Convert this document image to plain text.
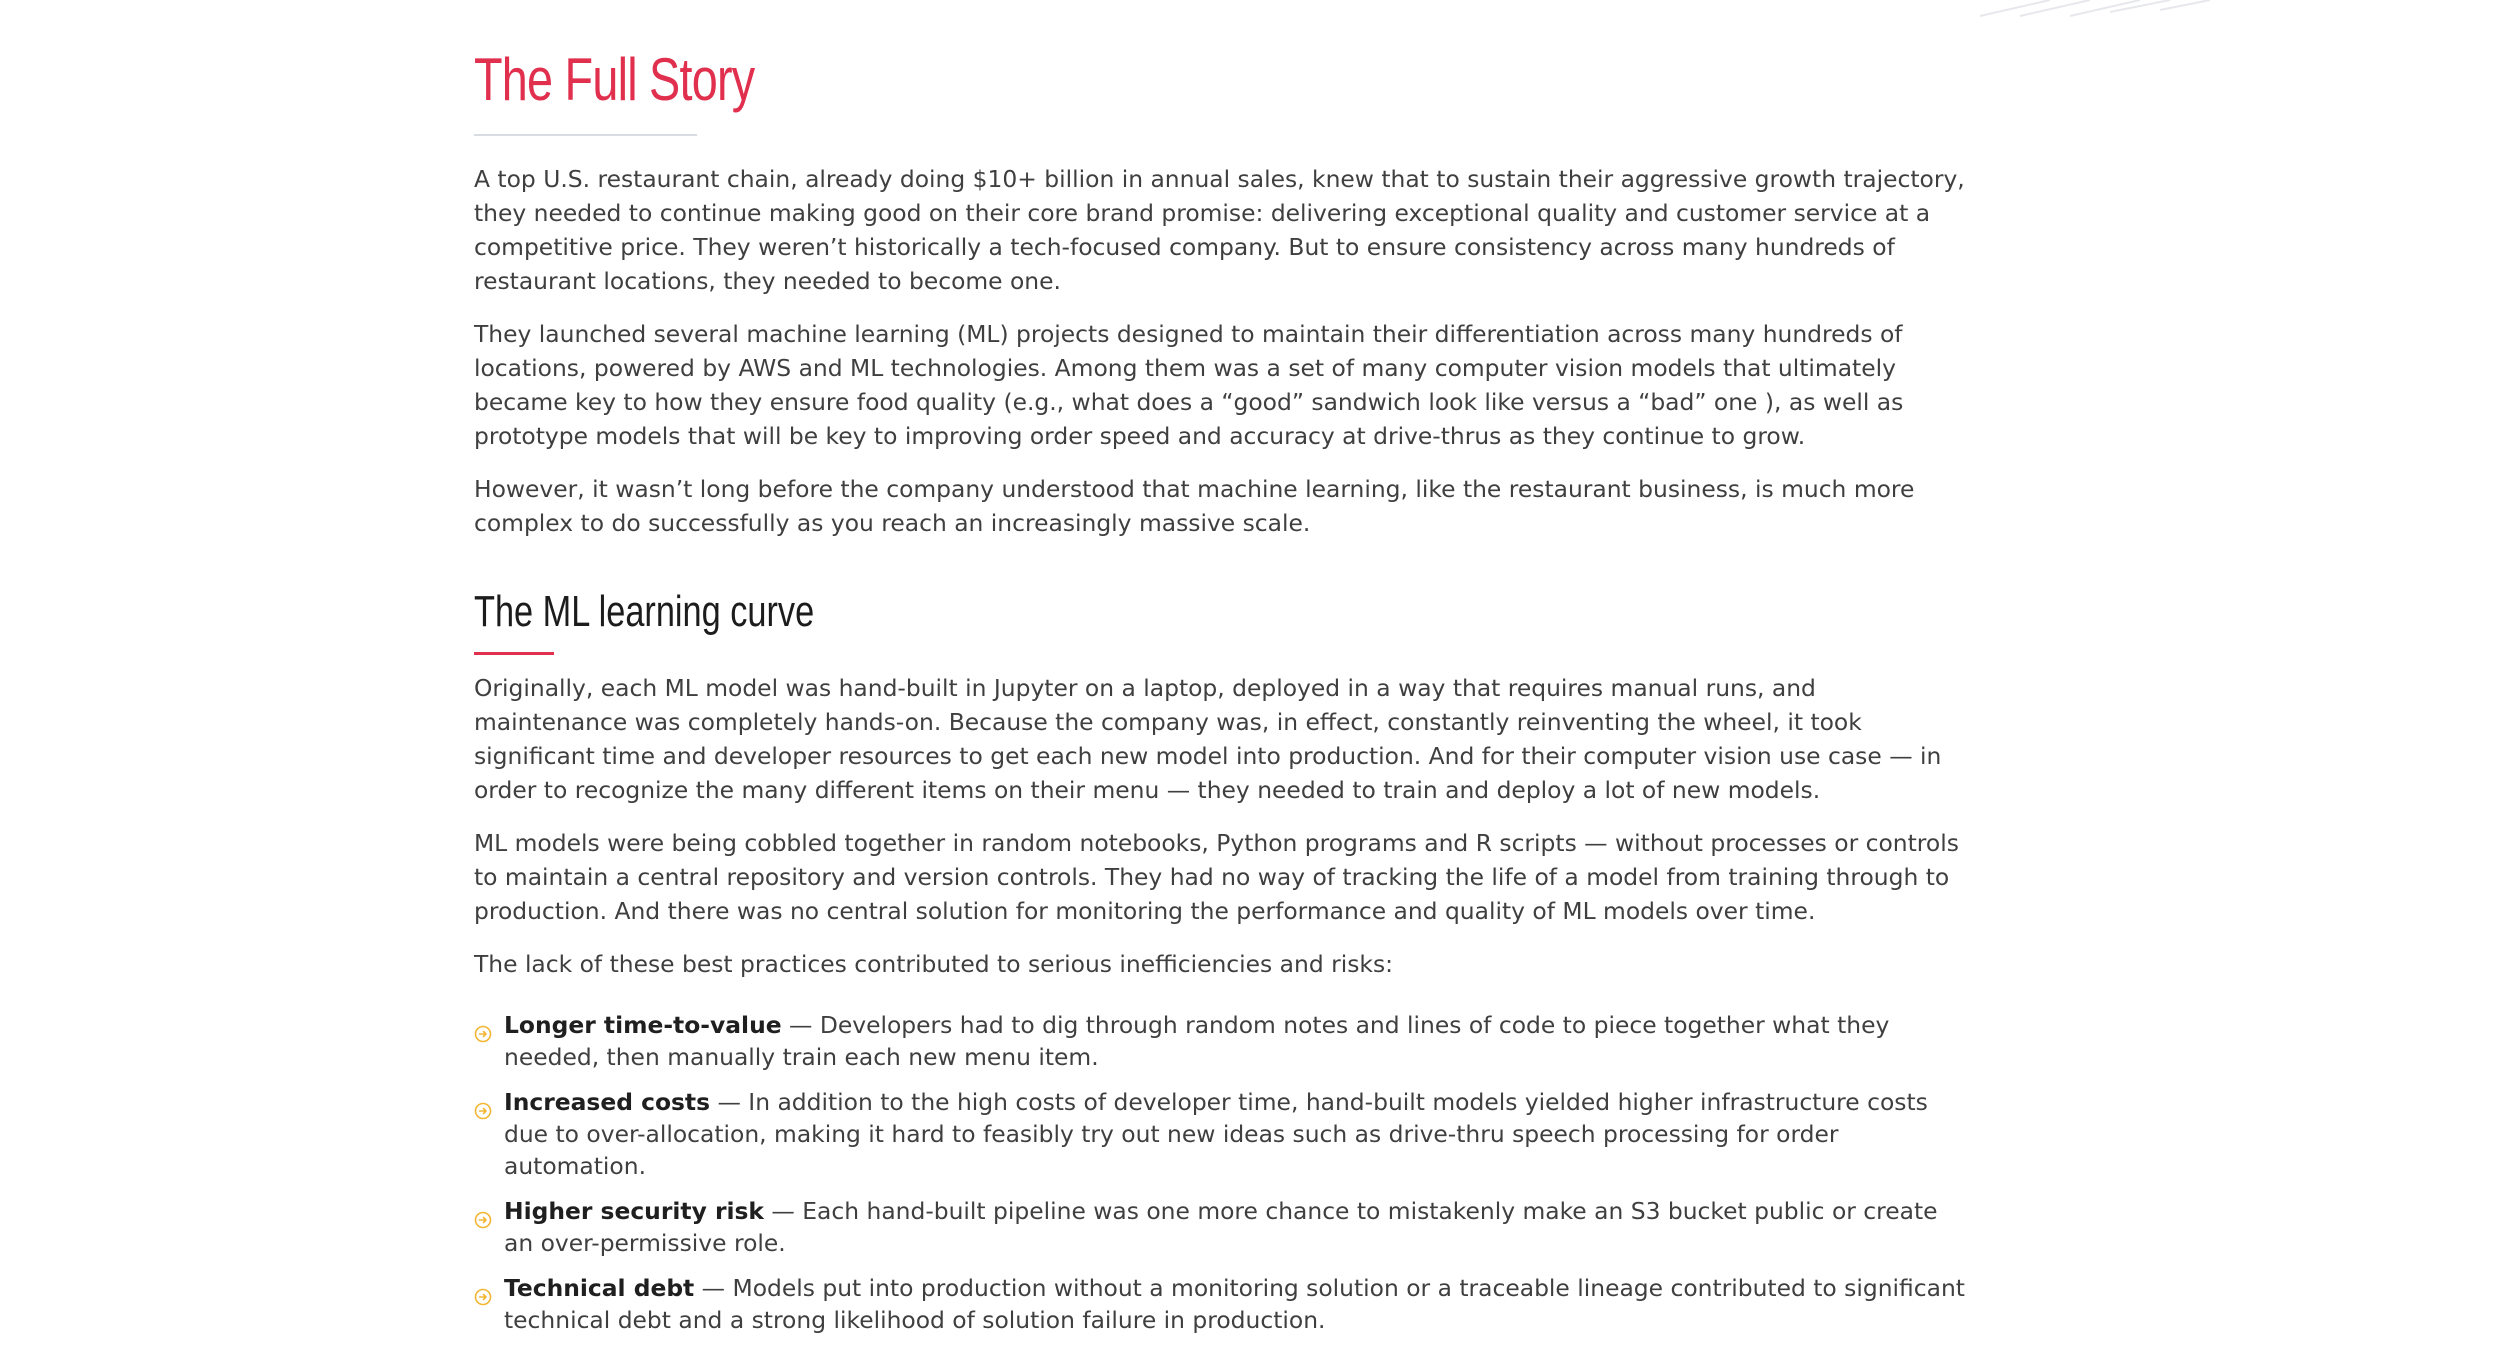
The Full Story

A top U.S. restaurant chain, already doing $10+ billion in annual sales, knew that to sustain their aggressive growth trajectory, they needed to continue making good on their core brand promise: delivering exceptional quality and customer service at a competitive price. They weren’t historically a tech-focused company. But to ensure consistency across many hundreds of restaurant locations, they needed to become one.

They launched several machine learning (ML) projects designed to maintain their differentiation across many hundreds of locations, powered by AWS and ML technologies. Among them was a set of many computer vision models that ultimately became key to how they ensure food quality (e.g., what does a “good” sandwich look like versus a “bad” one ), as well as prototype models that will be key to improving order speed and accuracy at drive-thrus as they continue to grow.

However, it wasn’t long before the company understood that machine learning, like the restaurant business, is much more complex to do successfully as you reach an increasingly massive scale.

The ML learning curve

Originally, each ML model was hand-built in Jupyter on a laptop, deployed in a way that requires manual runs, and maintenance was completely hands-on. Because the company was, in effect, constantly reinventing the wheel, it took significant time and developer resources to get each new model into production. And for their computer vision use case — in order to recognize the many different items on their menu — they needed to train and deploy a lot of new models.

ML models were being cobbled together in random notebooks, Python programs and R scripts — without processes or controls to maintain a central repository and version controls. They had no way of tracking the life of a model from training through to production. And there was no central solution for monitoring the performance and quality of ML models over time.

The lack of these best practices contributed to serious inefficiencies and risks:

Longer time-to-value — Developers had to dig through random notes and lines of code to piece together what they needed, then manually train each new menu item.
Increased costs — In addition to the high costs of developer time, hand-built models yielded higher infrastructure costs due to over-allocation, making it hard to feasibly try out new ideas such as drive-thru speech processing for order automation.
Higher security risk — Each hand-built pipeline was one more chance to mistakenly make an S3 bucket public or create an over-permissive role.
Technical debt — Models put into production without a monitoring solution or a traceable lineage contributed to significant technical debt and a strong likelihood of solution failure in production.
